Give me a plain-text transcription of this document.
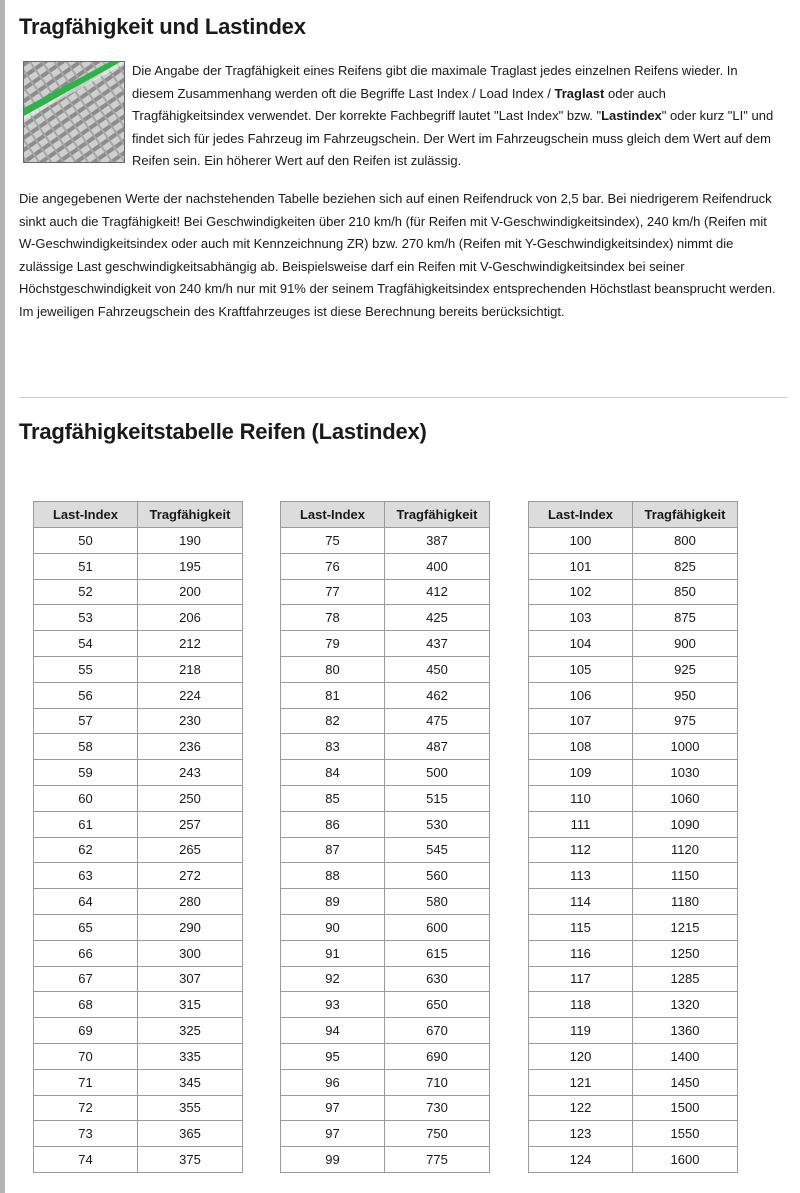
Tragfähigkeit und Lastindex

Die Angabe der Tragfähigkeit eines Reifens gibt die maximale Traglast jedes einzelnen Reifens wieder. In diesem Zusammenhang werden oft die Begriffe Last Index / Load Index / Traglast oder auch Tragfähigkeitsindex verwendet. Der korrekte Fachbegriff lautet "Last Index" bzw. "Lastindex" oder kurz "LI" und findet sich für jedes Fahrzeug im Fahrzeugschein. Der Wert im Fahrzeugschein muss gleich dem Wert auf dem Reifen sein. Ein höherer Wert auf den Reifen ist zulässig.

Die angegebenen Werte der nachstehenden Tabelle beziehen sich auf einen Reifendruck von 2,5 bar. Bei niedrigerem Reifendruck sinkt auch die Tragfähigkeit! Bei Geschwindigkeiten über 210 km/h (für Reifen mit V-Geschwindigkeitsindex), 240 km/h (Reifen mit W-Geschwindigkeitsindex oder auch mit Kennzeichnung ZR) bzw. 270 km/h (Reifen mit Y-Geschwindigkeitsindex) nimmt die zulässige Last geschwindigkeitsabhängig ab. Beispielsweise darf ein Reifen mit V-Geschwindigkeitsindex bei seiner Höchstgeschwindigkeit von 240 km/h nur mit 91% der seinem Tragfähigkeitsindex entsprechenden Höchstlast beansprucht werden. Im jeweiligen Fahrzeugschein des Kraftfahrzeuges ist diese Berechnung bereits berücksichtigt.

Tragfähigkeitstabelle Reifen (Lastindex)
Last-Index	Tragfähigkeit
50	190
51	195
52	200
53	206
54	212
55	218
56	224
57	230
58	236
59	243
60	250
61	257
62	265
63	272
64	280
65	290
66	300
67	307
68	315
69	325
70	335
71	345
72	355
73	365
74	375
Last-Index	Tragfähigkeit
75	387
76	400
77	412
78	425
79	437
80	450
81	462
82	475
83	487
84	500
85	515
86	530
87	545
88	560
89	580
90	600
91	615
92	630
93	650
94	670
95	690
96	710
97	730
97	750
99	775
Last-Index	Tragfähigkeit
100	800
101	825
102	850
103	875
104	900
105	925
106	950
107	975
108	1000
109	1030
110	1060
111	1090
112	1120
113	1150
114	1180
115	1215
116	1250
117	1285
118	1320
119	1360
120	1400
121	1450
122	1500
123	1550
124	1600
